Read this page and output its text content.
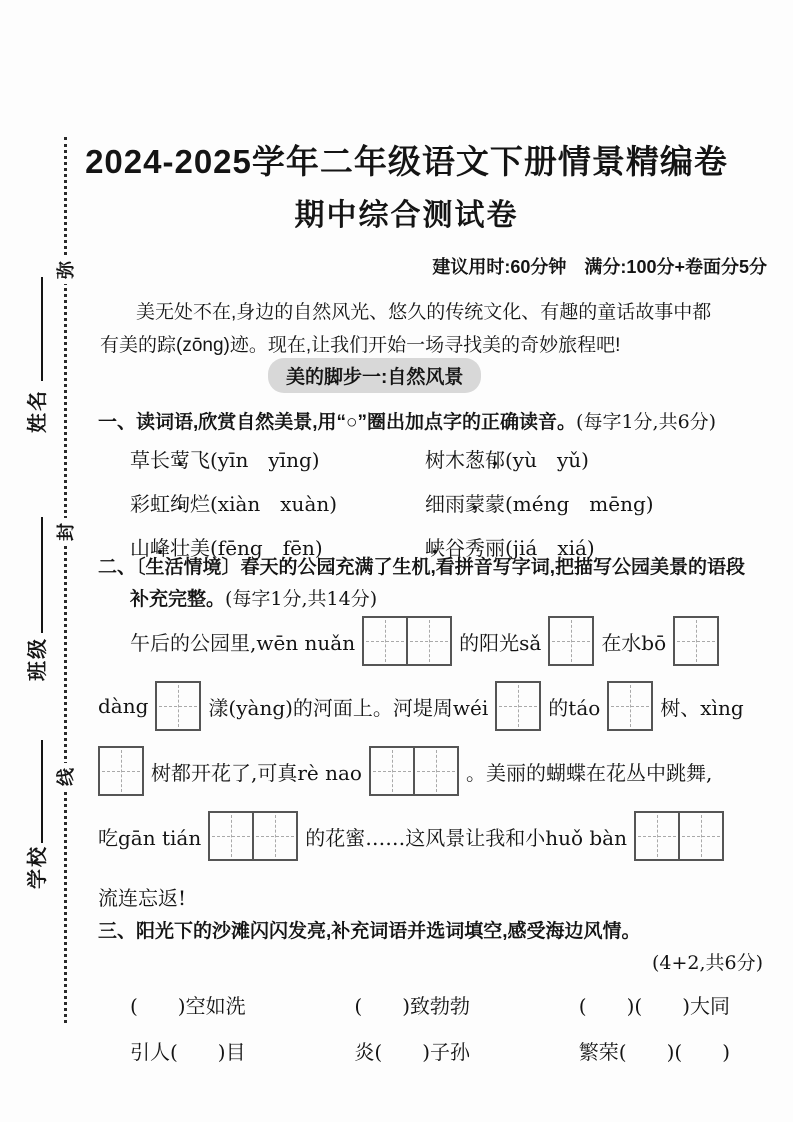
弥
封
线
姓名
班级
学校
2024-2025学年二年级语文下册情景精编卷
期中综合测试卷
建议用时:60分钟　满分:100分+卷面分5分
美无处不在,身边的自然风光、悠久的传统文化、有趣的童话故事中都
有美的踪(zōng)迹。现在,让我们开始一场寻找美的奇妙旅程吧!
美的脚步一:自然风景
一、读词语,欣赏自然美景,用“○”圈出加点字的正确读音。(每字1分,共6分)
草长莺 •飞(yīn　yīng)	树木葱郁 •(yù　yǔ)
彩虹绚 •烂(xiàn　xuàn)	细雨蒙 •蒙(méng　mēng)
山峰 •壮美(fēng　fēn)	峡 •谷秀丽(jiá　xiá)
二、〔生活情境〕春天的公园充满了生机,看拼音写字词,把描写公园美景的语段
补充完整。(每字1分,共14分)
午后的公园里,wēn nuǎn	的阳光sǎ	在水bō
dàng	漾(yàng)的河面上。河堤周wéi	的táo	树、xìng
树都开花了,可真rè nao	。美丽的蝴蝶在花丛中跳舞,
吃gān tián	的花蜜……这风景让我和小huǒ bàn
流连忘返!
三、阳光下的沙滩闪闪发亮,补充词语并选词填空,感受海边风情。
(4+2,共6分)
(　　)空如洗	(　　)致勃勃	(　　)(　　)大同
引人(　　)目	炎(　　)子孙	繁荣(　　)(　　)
